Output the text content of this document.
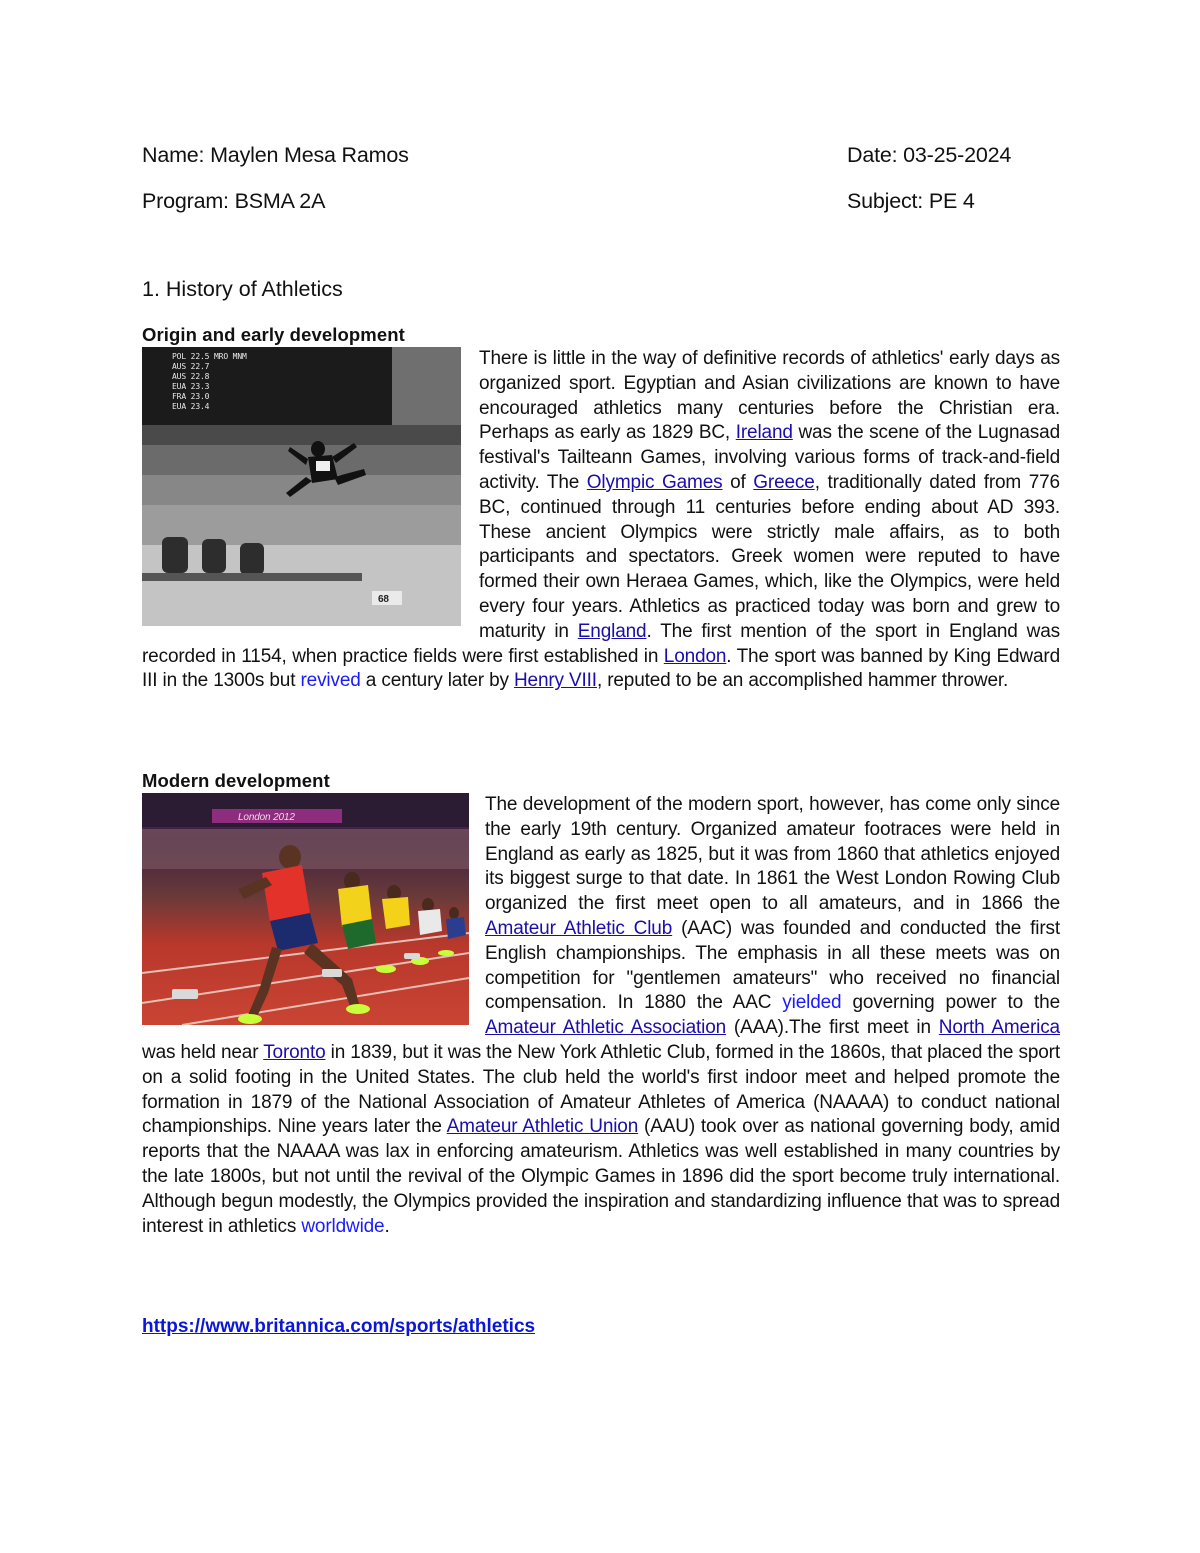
Name: Maylen Mesa Ramos	Date: 03-25-2024
Program: BSMA 2A	Subject: PE 4
1. History of Athletics
Origin and early development
POL 22.5 MRO MNM
AUS 22.7
AUS 22.8
EUA 23.3
FRA 23.0
EUA 23.4
68
There is little in the way of definitive records of athletics' early days as organized sport. Egyptian and Asian civilizations are known to have encouraged athletics many centuries before the Christian era. Perhaps as early as 1829 BC, Ireland was the scene of the Lugnasad festival's Tailteann Games, involving various forms of track-and-field activity. The Olympic Games of Greece, traditionally dated from 776 BC, continued through 11 centuries before ending about AD 393. These ancient Olympics were strictly male affairs, as to both participants and spectators. Greek women were reputed to have formed their own Heraea Games, which, like the Olympics, were held every four years. Athletics as practiced today was born and grew to maturity in England. The first mention of the sport in England was recorded in 1154, when practice fields were first established in London. The sport was banned by King Edward III in the 1300s but revived a century later by Henry VIII, reputed to be an accomplished hammer thrower.
Modern development
London 2012
The development of the modern sport, however, has come only since the early 19th century. Organized amateur footraces were held in England as early as 1825, but it was from 1860 that athletics enjoyed its biggest surge to that date. In 1861 the West London Rowing Club organized the first meet open to all amateurs, and in 1866 the Amateur Athletic Club (AAC) was founded and conducted the first English championships. The emphasis in all these meets was on competition for "gentlemen amateurs" who received no financial compensation. In 1880 the AAC yielded governing power to the Amateur Athletic Association (AAA).The first meet in North America was held near Toronto in 1839, but it was the New York Athletic Club, formed in the 1860s, that placed the sport on a solid footing in the United States. The club held the world's first indoor meet and helped promote the formation in 1879 of the National Association of Amateur Athletes of America (NAAAA) to conduct national championships. Nine years later the Amateur Athletic Union (AAU) took over as national governing body, amid reports that the NAAAA was lax in enforcing amateurism. Athletics was well established in many countries by the late 1800s, but not until the revival of the Olympic Games in 1896 did the sport become truly international. Although begun modestly, the Olympics provided the inspiration and standardizing influence that was to spread interest in athletics worldwide.
https://www.britannica.com/sports/athletics
